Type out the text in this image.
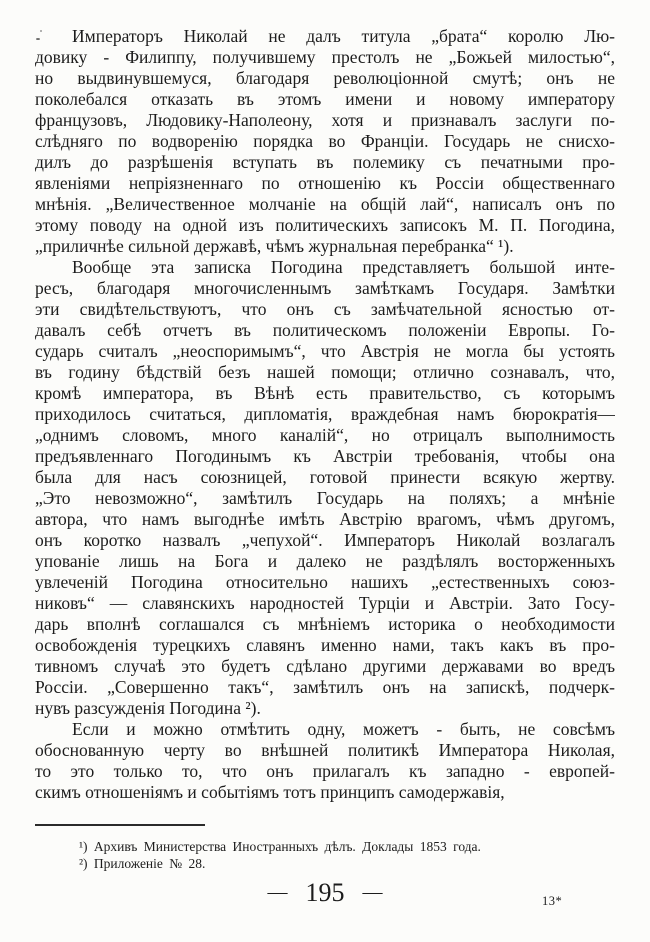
Императоръ Николай не далъ титула „брата“ королю Лю-
довику - Филиппу, получившему престолъ не „Божьей милостью“,
но выдвинувшемуся, благодаря революціонной смутѣ; онъ не
поколебался отказать въ этомъ имени и новому императору
французовъ, Людовику-Наполеону, хотя и признавалъ заслуги по-
слѣдняго по водворенію порядка во Франціи. Государь не снисхо-
дилъ до разрѣшенія вступать въ полемику съ печатными про-
явленіями непріязненнаго по отношенію къ Россіи общественнаго
мнѣнія. „Величественное молчаніе на общій лай“, написалъ онъ по
этому поводу на одной изъ политическихъ записокъ М. П. Погодина,
„приличнѣе сильной державѣ, чѣмъ журнальная перебранка“ ¹).
Вообще эта записка Погодина представляетъ большой инте-
ресъ, благодаря многочисленнымъ замѣткамъ Государя. Замѣтки
эти свидѣтельствуютъ, что онъ съ замѣчательной ясностью от-
давалъ себѣ отчетъ въ политическомъ положеніи Европы. Го-
сударь считалъ „неоспоримымъ“, что Австрія не могла бы устоять
въ годину бѣдствій безъ нашей помощи; отлично сознавалъ, что,
кромѣ императора, въ Вѣнѣ есть правительство, съ которымъ
приходилось считаться, дипломатія, враждебная намъ бюрократія—
„однимъ словомъ, много каналій“, но отрицалъ выполнимость
предъявленнаго Погодинымъ къ Австріи требованія, чтобы она
была для насъ союзницей, готовой принести всякую жертву.
„Это невозможно“, замѣтилъ Государь на поляхъ; а мнѣніе
автора, что намъ выгоднѣе имѣть Австрію врагомъ, чѣмъ другомъ,
онъ коротко назвалъ „чепухой“. Императоръ Николай возлагалъ
упованіе лишь на Бога и далеко не раздѣлялъ восторженныхъ
увлеченій Погодина относительно нашихъ „естественныхъ союз-
никовъ“ — славянскихъ народностей Турціи и Австріи. Зато Госу-
дарь вполнѣ соглашался съ мнѣніемъ историка о необходимости
освобожденія турецкихъ славянъ именно нами, такъ какъ въ про-
тивномъ случаѣ это будетъ сдѣлано другими державами во вредъ
Россіи. „Совершенно такъ“, замѣтилъ онъ на запискѣ, подчерк-
нувъ разсужденія Погодина ²).
Если и можно отмѣтить одну, можетъ - быть, не совсѣмъ
обоснованную черту во внѣшней политикѣ Императора Николая,
то это только то, что онъ прилагалъ къ западно - европей-
скимъ отношеніямъ и событіямъ тотъ принципъ самодержавія,
¹) Архивъ Министерства Иностранныхъ дѣлъ. Доклады 1853 года.
²) Приложеніе № 28.
— 195 —	13*
